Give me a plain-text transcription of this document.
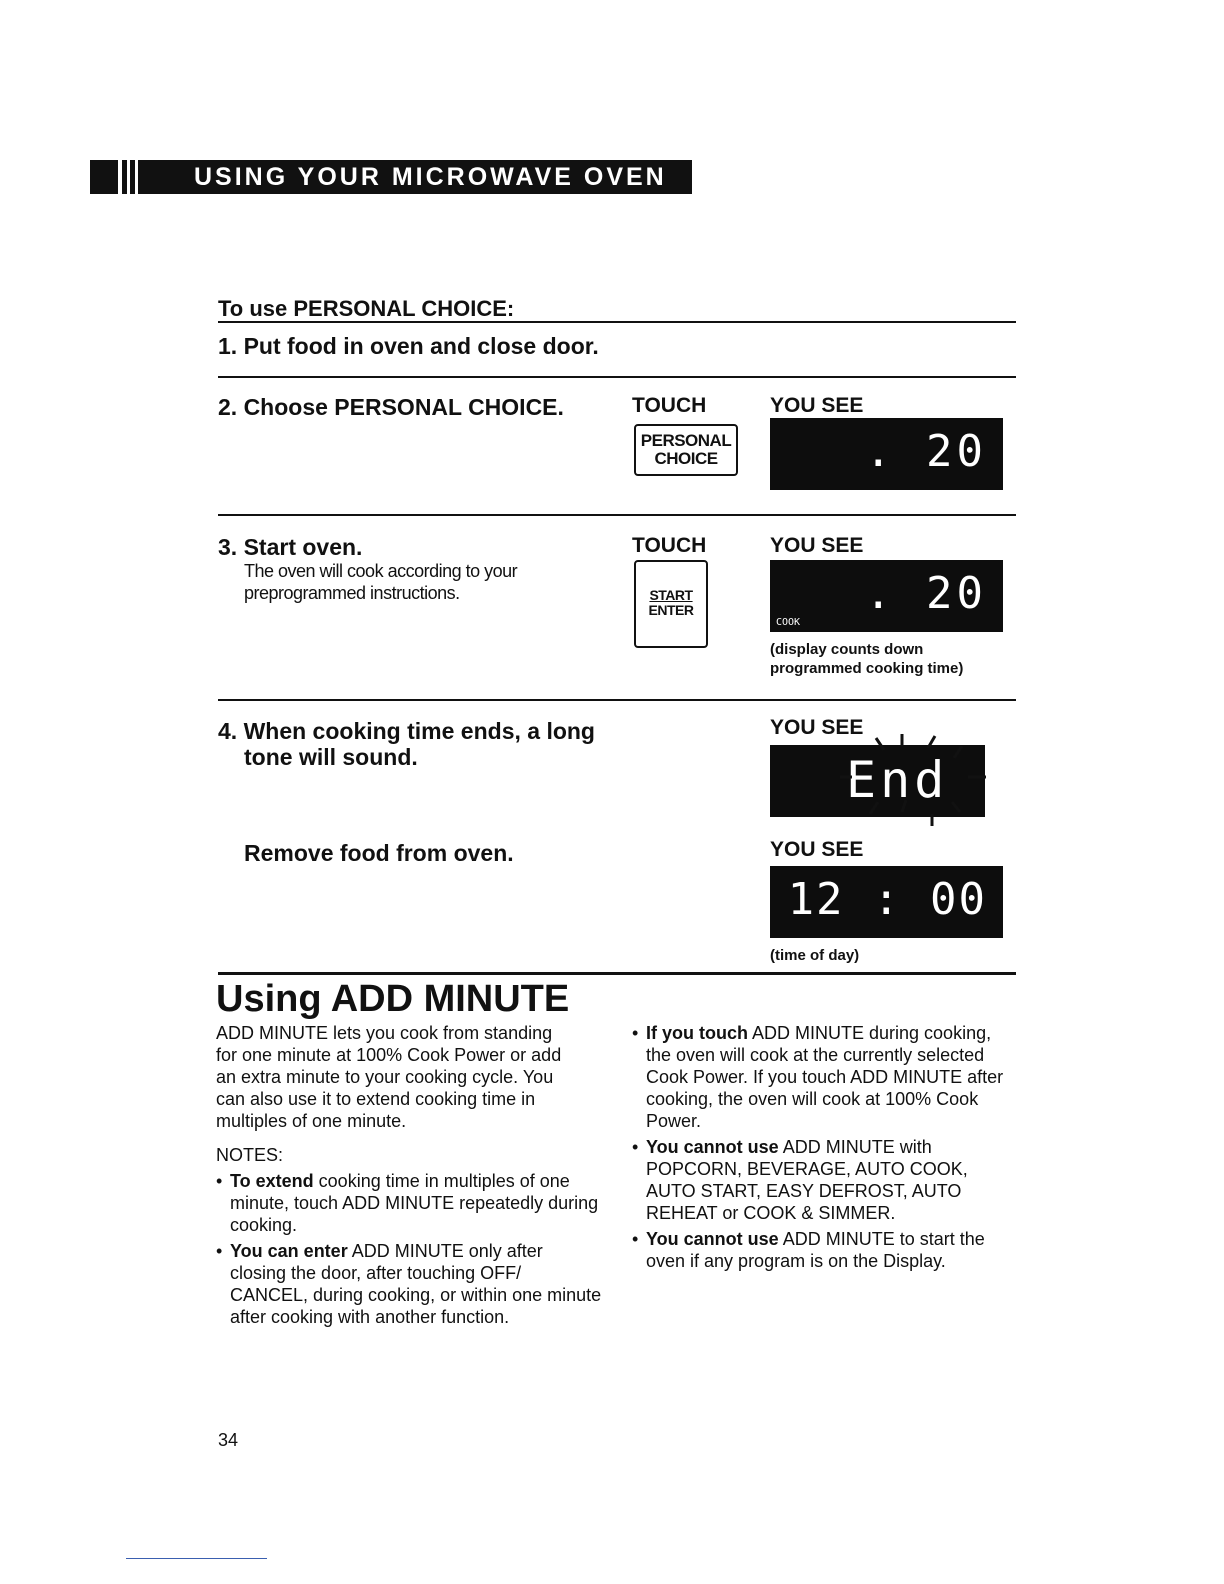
USING YOUR MICROWAVE OVEN
To use PERSONAL CHOICE:
1. Put food in oven and close door.
2. Choose PERSONAL CHOICE.	TOUCH
PERSONAL
CHOICE
YOU SEE
. 20
3. Start oven.
The oven will cook according to your
preprogrammed instructions.
TOUCH
START
ENTER
YOU SEE
COOK
. 20
(display counts down
programmed cooking time)
4. When cooking time ends, a long
tone will sound.
YOU SEE
End
Remove food from oven.	YOU SEE
12 : 00
(time of day)
Using ADD MINUTE
ADD MINUTE lets you cook from standing
for one minute at 100% Cook Power or add
an extra minute to your cooking cycle. You
can also use it to extend cooking time in
multiples of one minute.
NOTES:
• To extend cooking time in multiples of one minute, touch ADD MINUTE repeatedly during cooking.
• You can enter ADD MINUTE only after closing the door, after touching OFF/ CANCEL, during cooking, or within one minute after cooking with another function.
• If you touch ADD MINUTE during cooking, the oven will cook at the currently selected Cook Power. If you touch ADD MINUTE after cooking, the oven will cook at 100% Cook Power.
• You cannot use ADD MINUTE with POPCORN, BEVERAGE, AUTO COOK, AUTO START, EASY DEFROST, AUTO REHEAT or COOK & SIMMER.
• You cannot use ADD MINUTE to start the oven if any program is on the Display.
34
